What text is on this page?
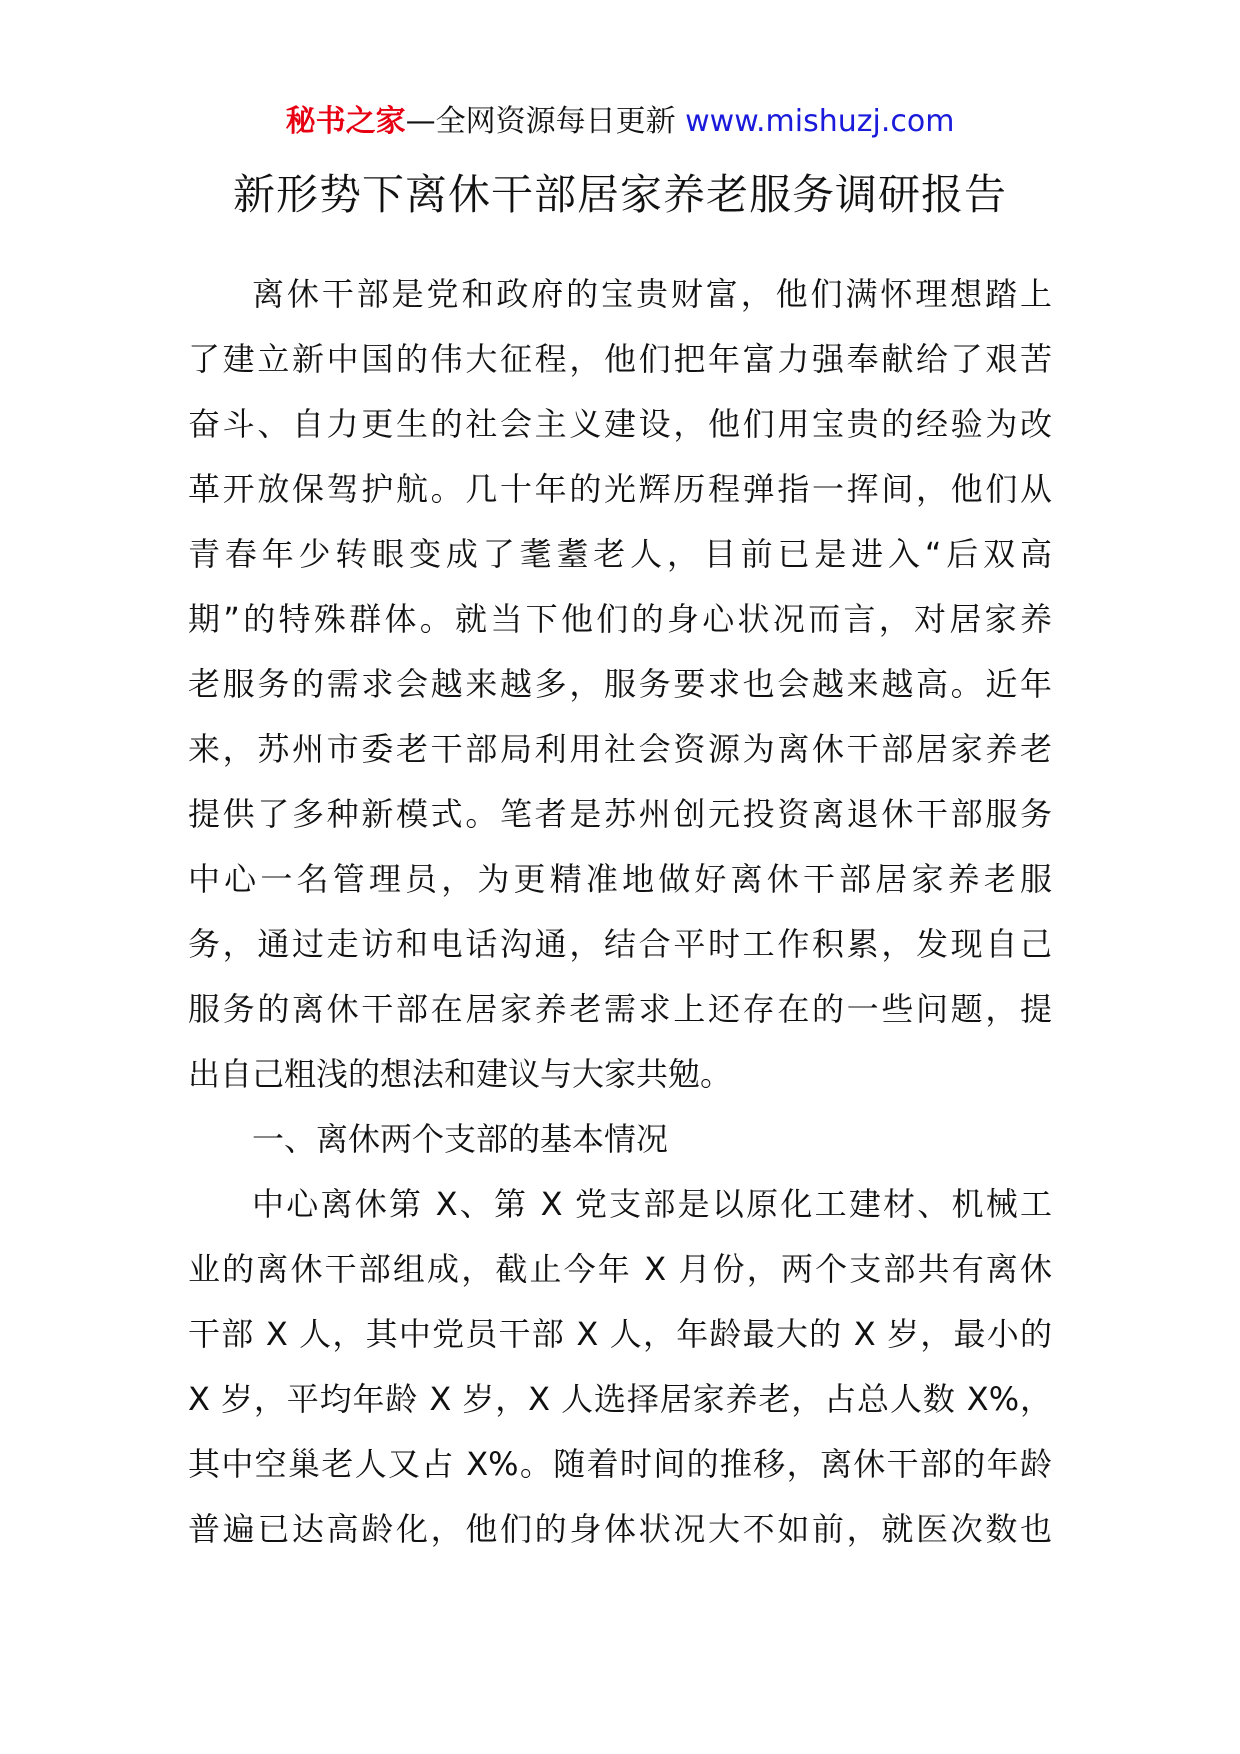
秘书之家—全网资源每日更新 www.mishuzj.com
新形势下离休干部居家养老服务调研报告
离休干部是党和政府的宝贵财富，他们满怀理想踏上
了建立新中国的伟大征程，他们把年富力强奉献给了艰苦
奋斗、自力更生的社会主义建设，他们用宝贵的经验为改
革开放保驾护航。几十年的光辉历程弹指一挥间，他们从
青春年少转眼变成了耄耋老人，目前已是进入“后双高
期”的特殊群体。就当下他们的身心状况而言，对居家养
老服务的需求会越来越多，服务要求也会越来越高。近年
来，苏州市委老干部局利用社会资源为离休干部居家养老
提供了多种新模式。笔者是苏州创元投资离退休干部服务
中心一名管理员，为更精准地做好离休干部居家养老服
务，通过走访和电话沟通，结合平时工作积累，发现自己
服务的离休干部在居家养老需求上还存在的一些问题，提
出自己粗浅的想法和建议与大家共勉。
一、离休两个支部的基本情况
中心离休第 X、第 X 党支部是以原化工建材、机械工
业的离休干部组成，截止今年 X 月份，两个支部共有离休
干部 X 人，其中党员干部 X 人，年龄最大的 X 岁，最小的
X 岁，平均年龄 X 岁，X 人选择居家养老，占总人数 X%，
其中空巢老人又占 X%。随着时间的推移，离休干部的年龄
普遍已达高龄化，他们的身体状况大不如前，就医次数也
